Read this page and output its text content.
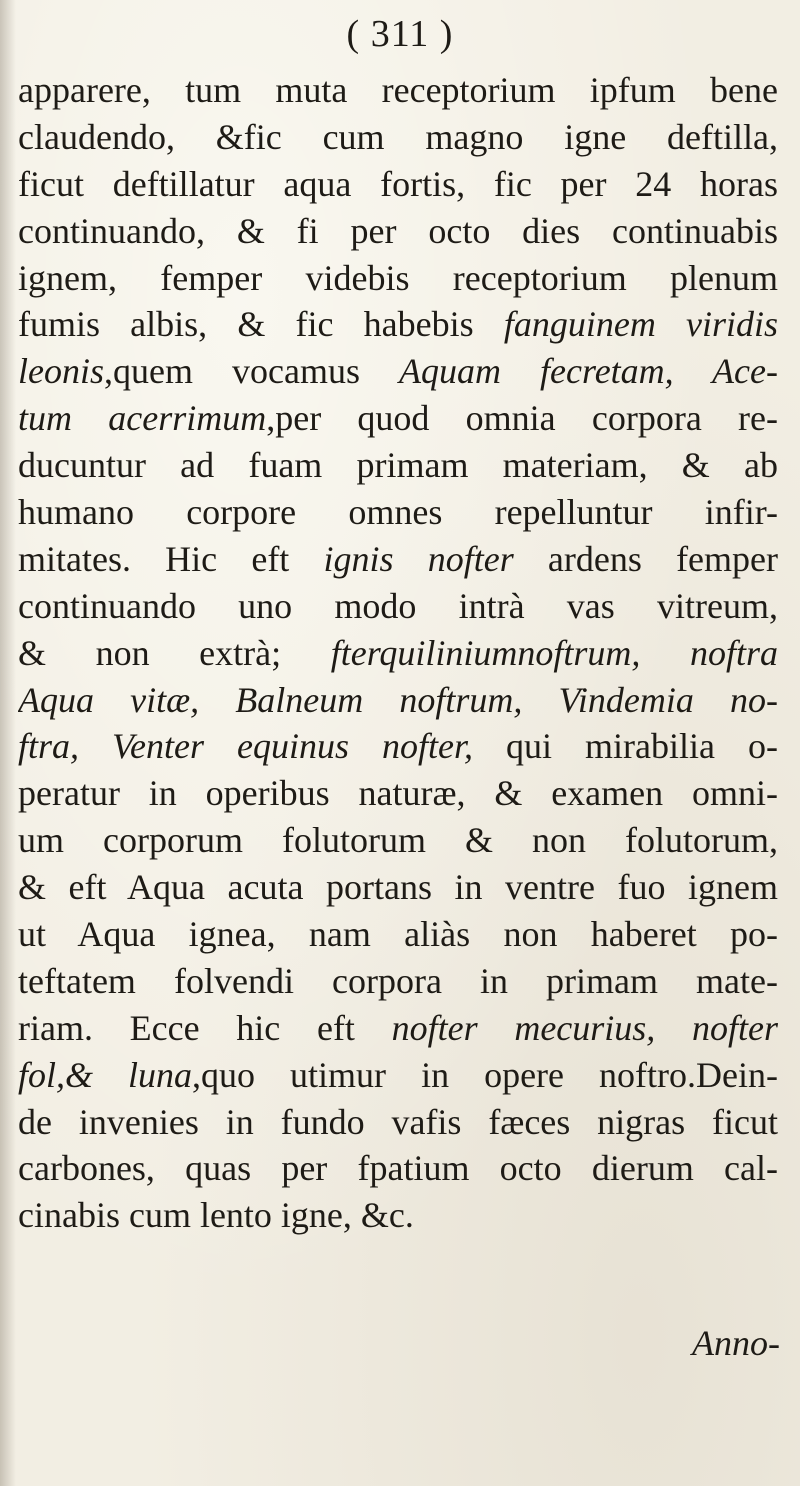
( 311 )
apparere, tum muta receptorium ipfum bene
claudendo, &fic cum magno igne deftilla,
ficut deftillatur aqua fortis, fic per 24 horas
continuando, & fi per octo dies continuabis
ignem, femper videbis receptorium plenum
fumis albis, & fic habebis fanguinem viridis
leonis,quem vocamus Aquam fecretam, Ace-
tum acerrimum,per quod omnia corpora re-
ducuntur ad fuam primam materiam, & ab
humano corpore omnes repelluntur infir-
mitates. Hic eft ignis nofter ardens femper
continuando uno modo intrà vas vitreum,
& non extrà; fterquiliniumnoftrum, noftra
Aqua vitæ, Balneum noftrum, Vindemia no-
ftra, Venter equinus nofter, qui mirabilia o-
peratur in operibus naturæ, & examen omni-
um corporum folutorum & non folutorum,
& eft Aqua acuta portans in ventre fuo ignem
ut Aqua ignea, nam aliàs non haberet po-
teftatem folvendi corpora in primam mate-
riam. Ecce hic eft nofter mecurius, nofter
fol,& luna,quo utimur in opere noftro.Dein-
de invenies in fundo vafis fæces nigras ficut
carbones, quas per fpatium octo dierum cal-
cinabis cum lento igne, &c.
Anno-
